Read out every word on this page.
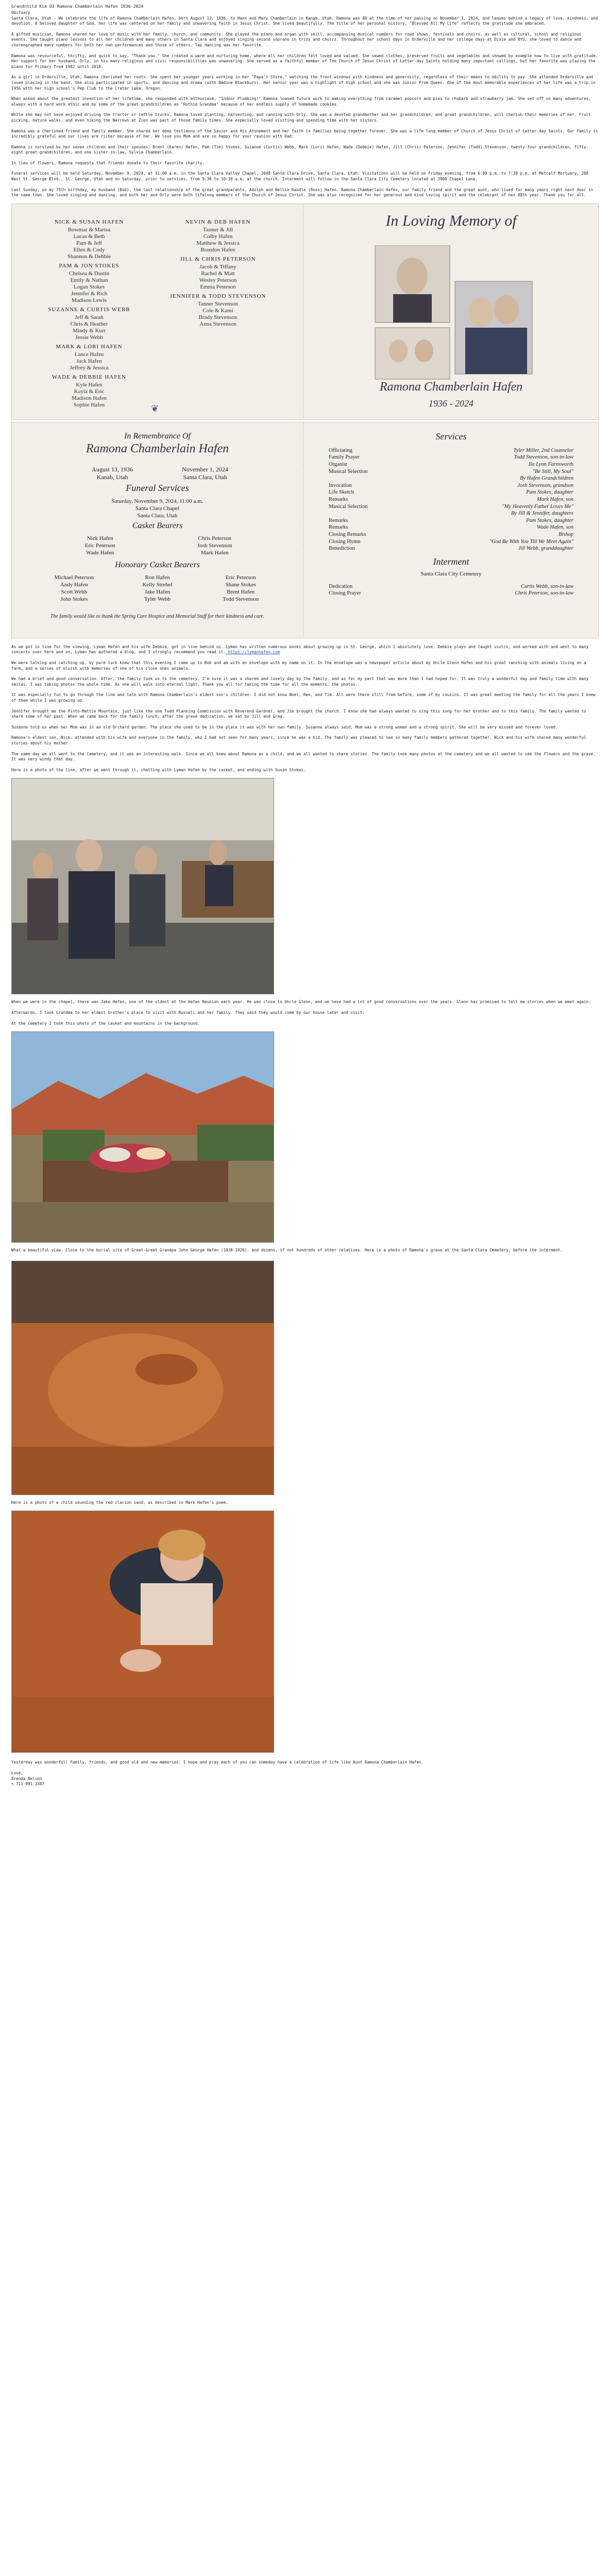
Grandchild Kim DI Ramona Chamberlain Hafen 1936-2024
Obituary

Santa Clara, Utah - We celebrate the life of Ramona Chamberlain Hafen, born August 13, 1936, to Hans and Mary Chamberlain in Kanab, Utah. Ramona was 88 at the time of her passing on November 1, 2024, and leaves behind a legacy of love, kindness, and devotion. A beloved daughter of God, her life was centered on her family and unwavering faith in Jesus Christ. She lived beautifully. The title of her personal history, "Blessed All My Life" reflects the gratitude she embraced.

A gifted musician, Ramona shared her love of music with her family, church, and community. She played the piano and organ with skill, accompanying musical numbers for road shows, festivals and choirs, as well as cultural, school and religious events. She taught piano lessons to all her children and many others in Santa Clara and enjoyed singing second soprano in trios and choirs. Throughout her school days in Orderville and her college days at Dixie and BYU, she loved to dance and choreographed many numbers for both her own performances and those of others. Tap dancing was her favorite.

Ramona was resourceful, thrifty, and quick to say, "Thank you." She created a warm and nurturing home, where all her children felt loved and valued. She sewed clothes, preserved fruits and vegetables and showed by example how to live with gratitude. Her support for her husband, Orly, in his many religious and civic responsibilities was unwavering. She served as a faithful member of The Church of Jesus Christ of Latter-day Saints holding many important callings, but her favorite was playing the piano for Primary from 1982 until 2018.

As a girl in Orderville, Utah, Ramona cherished her roots. She spent her younger years working in her "Papa's Store," watching the front windows with kindness and generosity, regardless of their means to ability to pay. She attended Orderville and loved playing in the band. She also participated in sports, and dancing and drama (with Nadine Blackburn). Her senior year was a highlight of high school and she was Junior Prom Queen. One of the most memorable experiences of her life was a trip in 1956 with her high school's Pep Club to the Crater Lake, Oregon.

When asked about the greatest invention of her lifetime, she responded with enthusiasm, "Indoor Plumbing!" Ramona loaned future work to making everything from caramel popcorn and pies to rhubarb and strawberry jam. She set off on many adventures, always with a hard work ethic and by some of the great grandchildren as "Ruthie Grandma" because of her endless supply of homemade cookies.

While she may not have enjoyed driving the tractor or cattle trucks, Ramona loved planting, harvesting, and canning with Orly. She was a devoted grandmother and her grandchildren, and great grandchildren, will cherish their memories of her. Fruit picking, nature walks, and even hiking the Narrows at Zion was part of those family times. She especially loved visiting and spending time with her sisters.

Ramona was a cherished friend and family member. She shared her deep testimony of the Savior and His Atonement and her faith in families being together forever. She was a life long member of Church of Jesus Christ of Latter-day Saints. Our family is incredibly grateful and our lives are richer because of her. We love you Mom and are so happy for your reunion with Dad.

Ramona is survived by her seven children and their spouses: Brent (Karen) Hafen, Pam (Tim) Stokes, Suzanne (Curtis) Webb, Mark (Lori) Hafen, Wade (Debbie) Hafen, Jill (Chris) Peterson, Jennifer (Todd) Stevenson, twenty-four grandchildren, fifty-eight great-grandchildren, and one sister-in-law, Sylvia Chamberlain.

In lieu of flowers, Ramona requests that friends donate to their favorite charity.

Funeral services will be held Saturday, November 9, 2024, at 11:00 a.m. in the Santa Clara Valley Chapel, 2048 Santa Clara Drive, Santa Clara, Utah. Visitations will be held on Friday evening, from 6:00 p.m. to 7:30 p.m. at Metcalf Mortuary, 288 West St. George Blvd., St. George, Utah and on Saturday, prior to services, from 9:30 to 10:30 a.m. at the church. Interment will follow in the Santa Clara City Cemetery located at 3900 Chapel Lane.

Last Sunday, on my 75th birthday, my husband (Bob), the last relationship of the great grandparents, Adolph and Nellie Randle (Ross) Hafen. Ramona Chamberlain Hafen, our family friend and the great aunt, who lived for many years right next door in the same town. She loved singing and dancing, and both her and Orly were both lifelong members of the Church of Jesus Christ. She was also recognized for her generous and kind loving spirit and the celebrant of her 88th year. Thank you for all.

NICK & SUSAN HAFEN
Bowmar & Marisa
Lucas & Beth
Pam & Jeff
Ellen & Cody
Shannon & Debbie
PAM & JON STOKES
Chelsea & Dustin
Emily & Nathan
Logan Stokes
Jennifer & Rich
Madison Lewis
SUZANNE & CURTIS WEBB
Jeff & Sarah
Chris & Heather
Mindy & Kurt
Jessie Webb
MARK & LORI HAFEN
Lance Hafen
Jack Hafen
Jeffrey & Jessica
WADE & DEBBIE HAFEN
Kyle Hafen
Kayla & Eric
Madison Hafen
Sophie Hafen
NEVIN & DEB HAFEN
Tanner & Jill
Colby Hafen
Matthew & Jessica
Brandon Hafen
JILL & CHRIS PETERSON
Jacob & Tiffany
Rachel & Matt
Wesley Peterson
Emma Peterson
JENNIFER & TODD STEVENSON
Tanner Stevenson
Cole & Kami
Brady Stevenson
Anna Stevenson
❦
In Loving Memory of
Ramona Chamberlain Hafen
1936 - 2024
In Remembrance Of
Ramona Chamberlain Hafen
August 13, 1936
Kanab, Utah
November 1, 2024
Santa Clara, Utah
Funeral Services
Saturday, November 9, 2024, 11:00 a.m.
Santa Clara Chapel
Santa Clara, Utah
Casket Bearers
Nick Hafen	Chris Peterson
Eric Peterson	Josh Stevenson
Wade Hafen	Mark Hafen
Honorary Casket Bearers
Michael Peterson	Ron Hafen	Eric Peterson
Andy Hafen	Kelly Strebel	Shane Stokes
Scott Webb	Jake Hafen	Brent Hafen
John Stokes	Tyler Webb	Todd Stevenson
The family would like to thank the Spring Care Hospice and Memorial Staff for their kindness and care.
Services
Officiating	Tyler Miller, 2nd Counselor
Family Prayer	Todd Stevenson, son-in-law
Organist	Ila Lynn Farnsworth
Musical Selection	"Be Still, My Soul"
By Hafen Grandchildren
Invocation	Josh Stevenson, grandson
Life Sketch	Pam Stokes, daughter
Remarks	Mark Hafen, son
Musical Selection	"My Heavenly Father Loves Me"
By Jill & Jennifer, daughters
Remarks	Pam Stokes, daughter
Remarks	Wade Hafen, son
Closing Remarks	Bishop
Closing Hymn	"God Be With You Till We Meet Again"
Benediction	Jill Webb, granddaughter
Interment
Santa Clara City Cemetery
Dedication	Curtis Webb, son-in-law
Closing Prayer	Chris Peterson, son-in-law

As we got in line for the viewing, Lyman Hafen and his wife Debbie, got in line behind us. Lyman has written numerous books about growing up in St. George, which I absolutely love. Debbie plays and taught violin, and worked with and went to many concerts over here and on, Lyman has authored a blog, and I strongly recommend you read it. https://lymanhafen.com

We were talking and catching up, by pure luck knew that this evening I came up to Bob and am with an envelope with my name on it. In the envelope was a newspaper article about my Uncle Glenn Hafen and his great ranching with animals living on a farm, and a series of bluish with memories of one of his close ones animals.

We had a brief and good conversation. After, the family took us to the cemetery. I'm sure it was a shared and lovely day by the family, and as for my part that was more than I had hoped for. It was truly a wonderful day and family time with many smiles. I was taking photos the whole time. As she will walk into eternal light. Thank you all for taking the time for all the moments, the photos.

It was especially fun to go through the line and talk with Ramona Chamberlain's eldest son's children. I did not know Noel, Reo, and Tim. All were there still from before, some of my cousins. It was great meeting the family for all the years I knew of them while I was growing up.

Jennifer brought me the Pinto-Mattie Mountain, just like the one Todd Planning Commission with Reverend Gardner, and Jim brought the church. I know she had always wanted to sing this song for her brother and to this family. The family wanted to share some of her past. When we came back for the family lunch, after the grave dedication, we sat by Jill and Greg.

Susanne told us when her Mom was in an old Orchard garden. The place she used to be in the place it was with her own family. Susanne always said, Mom was a strong woman and a strong spirit. She will be very missed and forever loved.

Ramona's eldest son, Nick, attended with his wife and everyone in the family, who I had not seen for many years, since he was a kid. The family was pleased to see so many family members gathered together. Nick and his wife shared many wonderful stories about his mother.

The same day we all went to the Cemetery, and it was an interesting walk. Since we all knew about Ramona as a child, and we all wanted to share stories. The family took many photos at the cemetery and we all wanted to see the flowers and the grave. It was very windy that day.

Here is a photo of the line, after we went through it, chatting with Lyman Hafen by the casket, and ending with Susan Stokes.

When we were in the chapel, there was Jake Hafen, one of the oldest at the Hafen Reunion each year. He was close to Uncle Glenn, and we have had a lot of good conversations over the years. Glenn has promised to tell me stories when we meet again.

Afterwards, I took Grandma to her eldest brother's place to visit with Russell and her family. They said they would come by our house later and visit.

At the Cemetery I took this photo of the casket and mountains in the background.
What a beautiful view. Close to the burial site of Great-Great Grandpa John George Hafen (1838-1920), and dozens, if not hundreds of other relatives. Here is a photo of Ramona's grave at the Santa Clara Cemetery, before the interment.
Here is a photo of a child sounding the red clarion sand, as described in Mark Hafen's poem.

Yesterday was wonderful! Family, friends, and good old and new memories. I hope and pray each of you can someday have a celebration of life like Aunt Ramona Chamberlain Hafen.

Love,
Brenda Nelson
+ 711-991-3387
